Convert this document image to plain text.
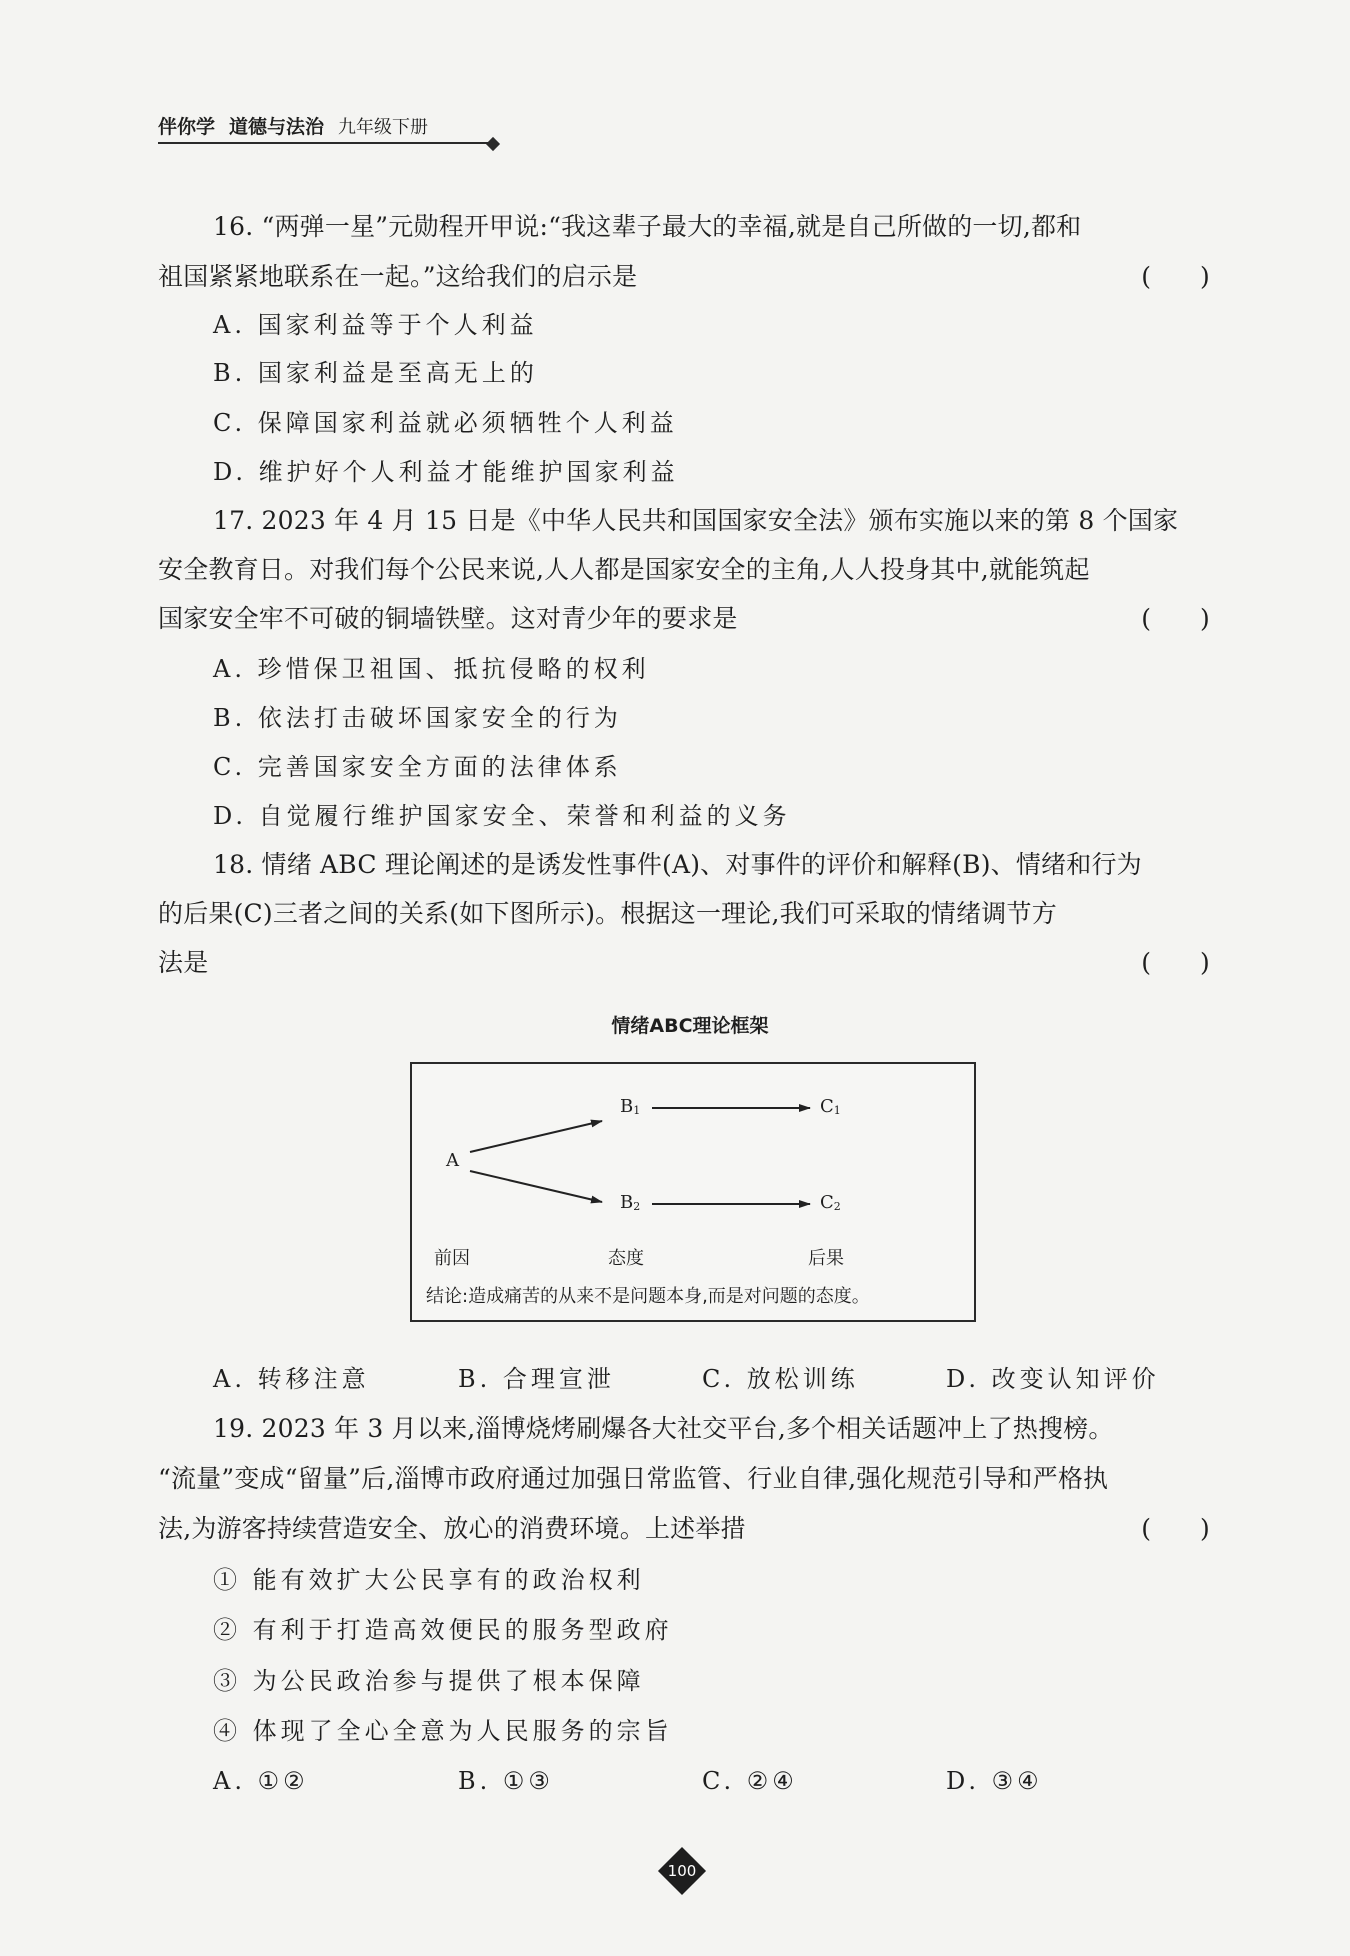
伴你学 道德与法治 九年级下册
16. “两弹一星”元勋程开甲说:“我这辈子最大的幸福,就是自己所做的一切,都和
祖国紧紧地联系在一起。”这给我们的启示是	(      )
A. 国家利益等于个人利益
B. 国家利益是至高无上的
C. 保障国家利益就必须牺牲个人利益
D. 维护好个人利益才能维护国家利益
17. 2023 年 4 月 15 日是《中华人民共和国国家安全法》颁布实施以来的第 8 个国家
安全教育日。对我们每个公民来说,人人都是国家安全的主角,人人投身其中,就能筑起
国家安全牢不可破的铜墙铁壁。这对青少年的要求是	(      )
A. 珍惜保卫祖国、抵抗侵略的权利
B. 依法打击破坏国家安全的行为
C. 完善国家安全方面的法律体系
D. 自觉履行维护国家安全、荣誉和利益的义务
18. 情绪 ABC 理论阐述的是诱发性事件(A)、对事件的评价和解释(B)、情绪和行为
的后果(C)三者之间的关系(如下图所示)。根据这一理论,我们可采取的情绪调节方
法是	(      )
情绪ABC理论框架
A
$B_1$
$B_2$
$C_1$
$C_2$
前因	态度	后果
结论:造成痛苦的从来不是问题本身,而是对问题的态度。
A. 转移注意	B. 合理宣泄	C. 放松训练	D. 改变认知评价
19. 2023 年 3 月以来,淄博烧烤刷爆各大社交平台,多个相关话题冲上了热搜榜。
“流量”变成“留量”后,淄博市政府通过加强日常监管、行业自律,强化规范引导和严格执
法,为游客持续营造安全、放心的消费环境。上述举措	(      )
① 能有效扩大公民享有的政治权利
② 有利于打造高效便民的服务型政府
③ 为公民政治参与提供了根本保障
④ 体现了全心全意为人民服务的宗旨
A. ①②	B. ①③	C. ②④	D. ③④
100
